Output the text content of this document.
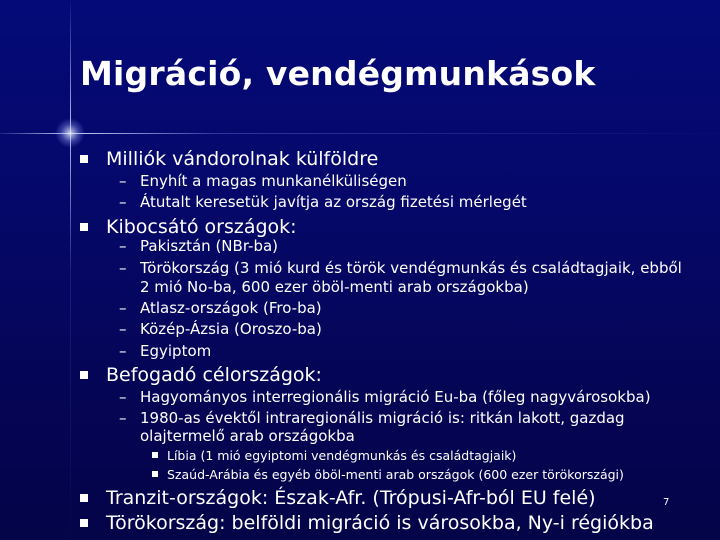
Migráció, vendégmunkások
Milliók vándorolnak külföldre
– Enyhít a magas munkanélküliségen
– Átutalt keresetük javítja az ország fizetési mérlegét
Kibocsátó országok:
– Pakisztán (NBr-ba)
– Törökország (3 mió kurd és török vendégmunkás és családtagjaik, ebből
2 mió No-ba, 600 ezer öböl-menti arab országokba)
– Atlasz-országok (Fro-ba)
– Közép-Ázsia (Oroszo-ba)
– Egyiptom
Befogadó célországok:
– Hagyományos interregionális migráció Eu-ba (főleg nagyvárosokba)
– 1980-as évektől intraregionális migráció is: ritkán lakott, gazdag
olajtermelő arab országokba
Líbia (1 mió egyiptomi vendégmunkás és családtagjaik)
Szaúd-Arábia és egyéb öböl-menti arab országok (600 ezer törökországi)
Tranzit-országok: Észak-Afr. (Trópusi-Afr-ból EU felé)
Törökország: belföldi migráció is városokba, Ny-i régiókba
7
